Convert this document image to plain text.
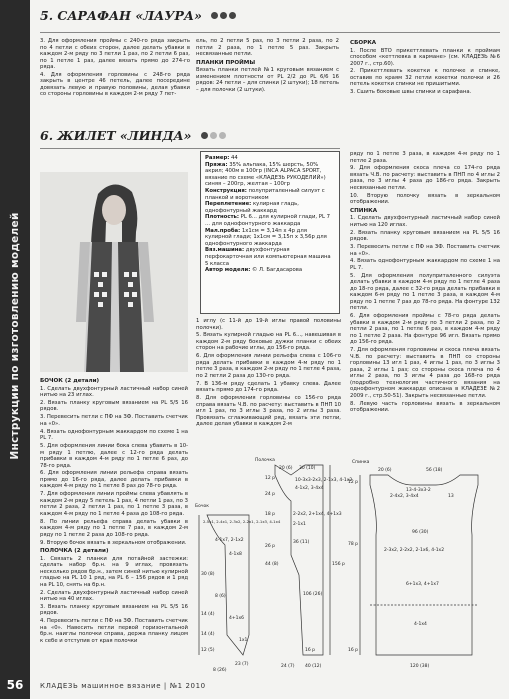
Инструкции по изготовлению моделей
56	КЛАДЕЗЬ машинное вязание | №1 2010
5. САРАФАН «ЛАУРА»

3. Для оформления проймы с 240-го ряда закрыть по 4 петли с обеих сторон, далее делать убавки в каждом 2-м ряду по 3 петли 1 раз, по 2 петли 6 раз, по 1 петле 1 раз, далее вязать прямо до 274-го ряда.

4. Для оформления горловины с 248-го ряда закрыть в центре 46 петель, далее посередине довязать левую и правую половины, делая убавки со стороны горловины в каждом 2-м ряду 7 пет-

ель, по 2 петли 5 раз, по 3 петли 2 раза, по 2 петли 2 раза, по 1 петле 5 раз. Закрыть несвязанные петли.

ПЛАНКИ ПРОЙМЫ

Вязать планки петлей №1 круговым вязанием с изменением плотности от PL 2/2 до PL 6/6 16 рядов: 24 петли – для спинки (2 штуки); 18 петель – для полочки (2 штуки).

СБОРКА

1. После ВТО прикеттлевать планки к проймам способом «кеттлевка в кармане» (см. КЛАДЕЗЬ №6 2007 г., стр.60).

2. Прикеттлевать кокетки к полочке и спинке, оставив по краям 32 петли кокетки полочки и 26 петель кокетки спинки не пришитыми.

3. Сшить боковые швы спинки и сарафана.

6. ЖИЛЕТ «ЛИНДА»

Размер: 44

Пряжа: 35% альпака, 15% шерсть, 50% акрил; 400м в 100гр (INCA ALPACA SPORT, вязание по схеме «КЛАДЕЗЬ РУКОДЕЛИЙ») синяя – 200гр, желтая – 100гр

Конструкция: полуприталенный силуэт с планкой и воротником

Переплетение: кулирная гладь, однофонтурный жаккард

Плотность: PL 6... для кулирной глади, PL 7 ... для однофонтурного жаккарда

Мал.проба: 1х1см = 3,14п х 4р для кулирной глади; 1х1см = 3,15п х 3,56р для однофонтурного жаккарда

Вяз.машина: двухфонтурная перфокарточная или компьютерная машина 5 класса

Автор модели: © Л. Багдасарова

ряду по 1 петле 3 раза, в каждом 4-м ряду по 1 петле 2 раза.

9. Для оформления скоса плеча со 174-го ряда вязать Ч.В. по расчету: выставить в ПНП по 4 иглы 2 раза, по 3 иглы 4 раза до 186-го ряда. Закрыть несвязанные петли.

10. Вторую полочку вязать в зеркальном отображении.

СПИНКА

1. Сделать двухфонтурный ластичный набор синей нитью на 120 иглах.

2. Вязать планку круговым вязанием на PL 5/5 16 рядов.

3. Перевесить петли с ПФ на ЗФ. Поставить счетчик на «0».

4. Вязать однофонтурным жаккардом по схеме 1 на PL 7.

5. Для оформления полуприталенного силуэта делать убавки в каждом 4-м ряду по 1 петле 4 раза до 18-го ряда, далее с 32-го ряда делать прибавки в каждом 6-м ряду по 1 петле 3 раза, в каждом 4-м ряду по 1 петле 7 раз до 78-го ряда. На фонтуре 132 петли.

6. Для оформления проймы с 78-го ряда делать убавки в каждом 2-м ряду по 3 петли 2 раза, по 2 петли 2 раза, по 1 петле 6 раз, в каждом 4-м ряду по 1 петле 2 раза. На фонтуре 96 игл. Вязать прямо до 156-го ряда.

7. Для оформления горловины и скоса плеча вязать Ч.В. по расчету: выставить в ПНП со стороны горловины 13 игл 1 раз, 4 иглы 1 раз, по 3 иглы 3 раза, 2 иглы 1 раз; со стороны скоса плеча по 4 иглы 2 раза, по 3 иглы 4 раза до 168-го ряда (подробно технология частичного вязания на однофонтурном жаккарде описана в КЛАДЕЗЕ №2 2009 г., стр.50-51). Закрыть несвязанные петли.

8. Левую часть горловины вязать в зеркальном отображении.

1 иглу (с 11-й до 19-й иглы правой половины полочки).

5. Вязать кулирной гладью на PL 6..., навешивая в каждом 2-м ряду боковые дужки планки с обеих сторон на рабочие иглы, до 156-го ряда.

6. Для оформления линии рельефа слева с 106-го ряда делать прибавки в каждом 4-м ряду по 1 петле 3 раза, в каждом 2-м ряду по 1 петле 4 раза, по 2 петли 2 раза до 130-го ряда.

7. В 136-м ряду сделать 1 убавку слева. Далее вязать прямо до 174-го ряда.

8. Для оформления горловины со 156-го ряда справа вязать Ч.В. по расчету: выставить в ПНП 10 игл 1 раз, по 3 иглы 3 раза, по 2 иглы 3 раза. Провязать сглаживающий ряд, вязать эти петли, далее делая убавки в каждом 2-м

БОЧОК (2 детали)

1. Сделать двухфонтурный ластичный набор синей нитью на 23 иглах.

2. Вязать планку круговым вязанием на PL 5/5 16 рядов.

3. Перевесить петли с ПФ на ЗФ. Поставить счетчик на «0».

4. Вязать однофонтурным жаккардом по схеме 1 на PL 7.

5. Для оформления линии бока слева убавить в 10-м ряду 1 петлю, далее с 12-го ряда делать прибавки в каждом 4-м ряду по 1 петле 6 раз, до 78-го ряда.

6. Для оформления линии рельефа справа вязать прямо до 16-го ряда, далее делать прибавки в каждом 4-м ряду по 1 петле 8 раз до 78-го ряда.

7. Для оформления линии проймы слева убавлять в каждом 2-м ряду 5 петель 1 раз, 4 петли 1 раз, по 3 петли 2 раза, 2 петли 1 раз, по 1 петле 3 раза, в каждом 4-м ряду по 1 петле 4 раза до 108-го ряда.

8. По линии рельефа справа делать убавки в каждом 4-м ряду по 1 петле 7 раз, в каждом 2-м ряду по 1 петле 2 раза до 108-го ряда.

9. Вторую бочок вязать в зеркальном отображении.

ПОЛОЧКА (2 детали)

1. Связать 2 планки для потайной застежки: сделать набор бр.н. на 9 иглах, провязать несколько рядов бр.н., затем синей нитью кулирной гладью на PL 10 1 ряд, на PL 6 – 156 рядов и 1 ряд на PL 10, снять на бр.н.

2. Сделать двухфонтурный ластичный набор синей нитью на 40 иглах.

3. Вязать планку круговым вязанием на PL 5/5 16 рядов.

4. Перевесить петли с ПФ на ЗФ. Поставить счетчик на «0». Навесить петли первой горизонтальной бр.н. наиглы полочки справа, держа планку лицом к себе и отступив от края полочки

Полочка
Бочок
20 (6) 30 (10)
12 р
24 р
18 р
36 (11)
26 р
44 (8)
106 (26)
156 р
16 р
40 (12)
24 (7)
10-3x3-2x3, 2-1x3, 4-1x2
4-1x2, 3-4x4
2-2x2, 2+1x4, 4+1x3
2-1x1
8 (26)
23 (7)
12 (5)
14 (4)
14 (4)
30 (8)
8 (6)
2-5x1, 2-4x1, 2-3x2, 2-2x1, 2-1x3, 4-1x4
4-1x7, 2-1x2
4+1x6
1x1
4-1x8
Спинка
20 (6)	56 (18)
12 р
78 р
16 р
96 (30)
120 (38)
13
2-4x2, 3-4x4
2-3x2, 2-2x2, 2-1x6, 4-1x2
6+1x3, 4+1x7
4-1x4
13-4-3x3-2
